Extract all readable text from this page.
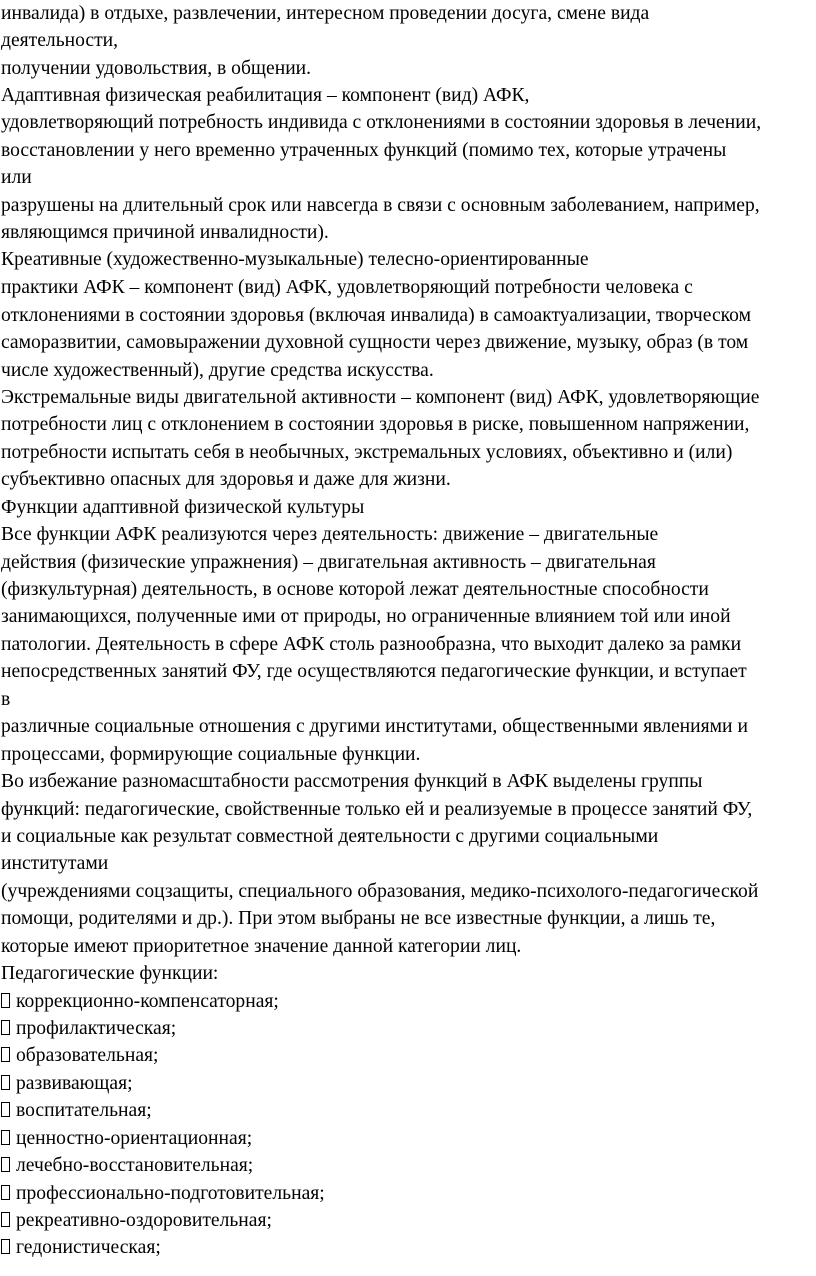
инвалида) в отдыхе, развлечении, интересном проведении досуга, смене вида
деятельности,
получении удовольствия, в общении.
Адаптивная физическая реабилитация – компонент (вид) АФК,
удовлетворяющий потребность индивида с отклонениями в состоянии здоровья в лечении,
восстановлении у него временно утраченных функций (помимо тех, которые утрачены
или
разрушены на длительный срок или навсегда в связи с основным заболеванием, например,
являющимся причиной инвалидности).
Креативные (художественно-музыкальные) телесно-ориентированные
практики АФК – компонент (вид) АФК, удовлетворяющий потребности человека с
отклонениями в состоянии здоровья (включая инвалида) в самоактуализации, творческом
саморазвитии, самовыражении духовной сущности через движение, музыку, образ (в том
числе художественный), другие средства искусства.
Экстремальные виды двигательной активности – компонент (вид) АФК, удовлетворяющие
потребности лиц с отклонением в состоянии здоровья в риске, повышенном напряжении,
потребности испытать себя в необычных, экстремальных условиях, объективно и (или)
субъективно опасных для здоровья и даже для жизни.
Функции адаптивной физической культуры
Все функции АФК реализуются через деятельность: движение – двигательные
действия (физические упражнения) – двигательная активность – двигательная
(физкультурная) деятельность, в основе которой лежат деятельностные способности
занимающихся, полученные ими от природы, но ограниченные влиянием той или иной
патологии. Деятельность в сфере АФК столь разнообразна, что выходит далеко за рамки
непосредственных занятий ФУ, где осуществляются педагогические функции, и вступает
в
различные социальные отношения с другими институтами, общественными явлениями и
процессами, формирующие социальные функции.
Во избежание разномасштабности рассмотрения функций в АФК выделены группы
функций: педагогические, свойственные только ей и реализуемые в процессе занятий ФУ,
и социальные как результат совместной деятельности с другими социальными
институтами
(учреждениями соцзащиты, специального образования, медико-психолого-педагогической
помощи, родителями и др.). При этом выбраны не все известные функции, а лишь те,
которые имеют приоритетное значение данной категории лиц.
Педагогические функции:
коррекционно-компенсаторная;
профилактическая;
образовательная;
развивающая;
воспитательная;
ценностно-ориентационная;
лечебно-восстановительная;
профессионально-подготовительная;
рекреативно-оздоровительная;
гедонистическая;
